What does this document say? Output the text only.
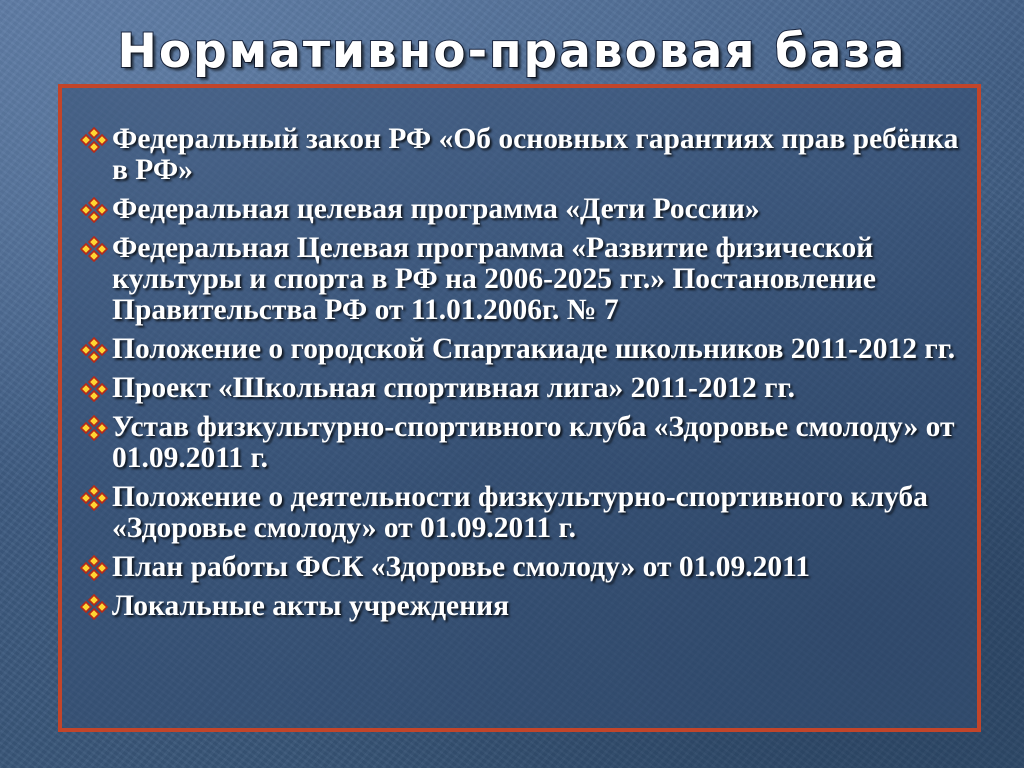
Нормативно-правовая база
Федеральный закон РФ «Об основных гарантиях прав ребёнка в РФ»
Федеральная целевая программа «Дети России»
Федеральная Целевая программа «Развитие физической культуры и спорта в РФ на 2006-2025 гг.» Постановление Правительства РФ от 11.01.2006г. № 7
Положение о городской Спартакиаде школьников 2011-2012 гг.
Проект «Школьная спортивная лига» 2011-2012 гг.
Устав физкультурно-спортивного клуба «Здоровье смолоду» от 01.09.2011 г.
Положение о деятельности физкультурно-спортивного клуба «Здоровье смолоду» от 01.09.2011 г.
План работы ФСК «Здоровье смолоду» от 01.09.2011
Локальные акты учреждения
